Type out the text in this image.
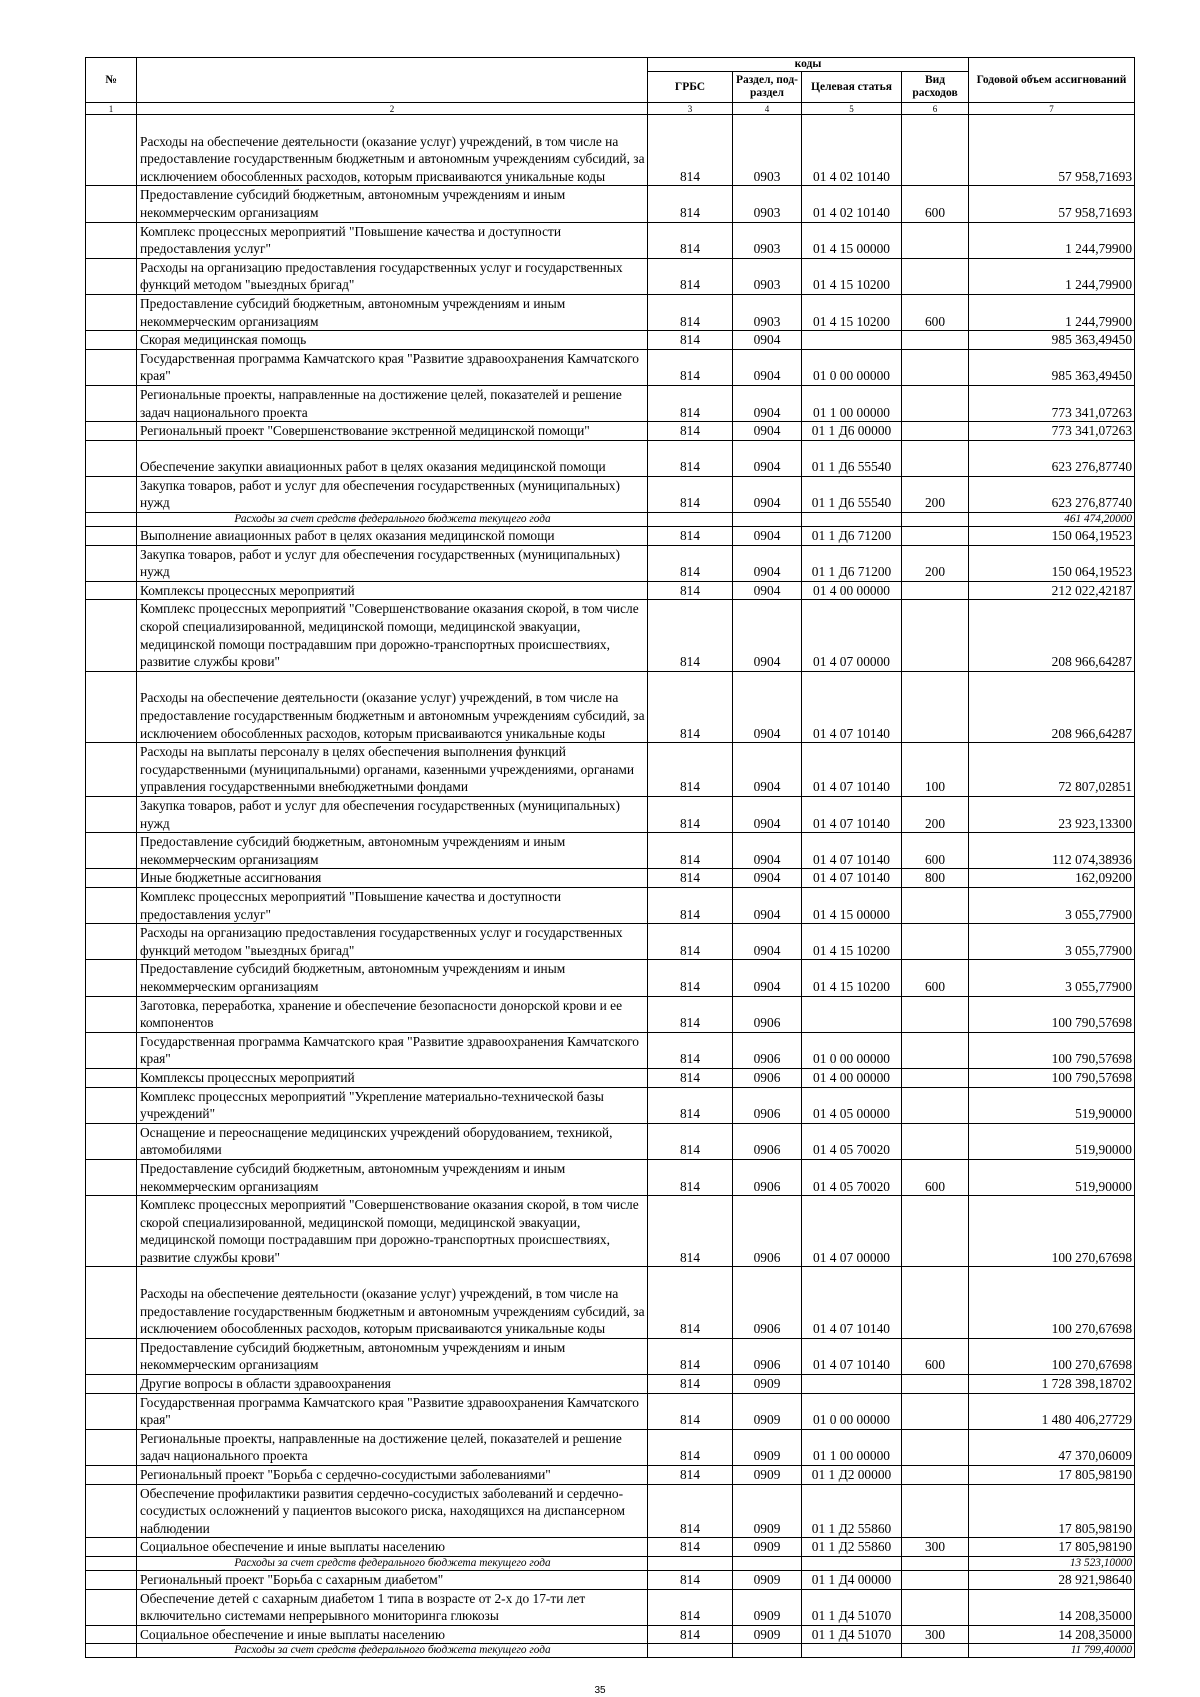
№		коды				Годовой объем ассигнований
		ГРБС	Раздел, под-раздел	Целевая статья	Вид расходов	
1	2	3	4	5	6	7
	Расходы на обеспечение деятельности (оказание услуг) учреждений, в том числе на предоставление государственным бюджетным и автономным учреждениям субсидий, за исключением обособленных расходов, которым присваиваются уникальные коды	814	0903	01 4 02 10140		57 958,71693
	Предоставление субсидий бюджетным, автономным учреждениям и иным некоммерческим организациям	814	0903	01 4 02 10140	600	57 958,71693
	Комплекс процессных мероприятий "Повышение качества и доступности предоставления услуг"	814	0903	01 4 15 00000		1 244,79900
	Расходы на организацию предоставления государственных услуг и государственных функций методом "выездных бригад"	814	0903	01 4 15 10200		1 244,79900
	Предоставление субсидий бюджетным, автономным учреждениям и иным некоммерческим организациям	814	0903	01 4 15 10200	600	1 244,79900
	Скорая медицинская помощь	814	0904			985 363,49450
	Государственная программа Камчатского края "Развитие здравоохранения Камчатского края"	814	0904	01 0 00 00000		985 363,49450
	Региональные проекты, направленные на достижение целей, показателей и решение задач национального проекта	814	0904	01 1 00 00000		773 341,07263
	Региональный проект "Совершенствование экстренной медицинской помощи"	814	0904	01 1 Д6 00000		773 341,07263
	Обеспечение закупки авиационных работ в целях оказания медицинской помощи	814	0904	01 1 Д6 55540		623 276,87740
	Закупка товаров, работ и услуг для обеспечения государственных (муниципальных) нужд	814	0904	01 1 Д6 55540	200	623 276,87740
	Расходы за счет средств федерального бюджета текущего года					461 474,20000
	Выполнение авиационных работ в целях оказания медицинской помощи	814	0904	01 1 Д6 71200		150 064,19523
	Закупка товаров, работ и услуг для обеспечения государственных (муниципальных) нужд	814	0904	01 1 Д6 71200	200	150 064,19523
	Комплексы процессных мероприятий	814	0904	01 4 00 00000		212 022,42187
	Комплекс процессных мероприятий "Совершенствование оказания скорой, в том числе скорой специализированной, медицинской помощи, медицинской эвакуации, медицинской помощи пострадавшим при дорожно-транспортных происшествиях, развитие службы крови"	814	0904	01 4 07 00000		208 966,64287
	Расходы на обеспечение деятельности (оказание услуг) учреждений, в том числе на предоставление государственным бюджетным и автономным учреждениям субсидий, за исключением обособленных расходов, которым присваиваются уникальные коды	814	0904	01 4 07 10140		208 966,64287
	Расходы на выплаты персоналу в целях обеспечения выполнения функций государственными (муниципальными) органами, казенными учреждениями, органами управления государственными внебюджетными фондами	814	0904	01 4 07 10140	100	72 807,02851
	Закупка товаров, работ и услуг для обеспечения государственных (муниципальных) нужд	814	0904	01 4 07 10140	200	23 923,13300
	Предоставление субсидий бюджетным, автономным учреждениям и иным некоммерческим организациям	814	0904	01 4 07 10140	600	112 074,38936
	Иные бюджетные ассигнования	814	0904	01 4 07 10140	800	162,09200
	Комплекс процессных мероприятий "Повышение качества и доступности предоставления услуг"	814	0904	01 4 15 00000		3 055,77900
	Расходы на организацию предоставления государственных услуг и государственных функций методом "выездных бригад"	814	0904	01 4 15 10200		3 055,77900
	Предоставление субсидий бюджетным, автономным учреждениям и иным некоммерческим организациям	814	0904	01 4 15 10200	600	3 055,77900
	Заготовка, переработка, хранение и обеспечение безопасности донорской крови и ее компонентов	814	0906			100 790,57698
	Государственная программа Камчатского края "Развитие здравоохранения Камчатского края"	814	0906	01 0 00 00000		100 790,57698
	Комплексы процессных мероприятий	814	0906	01 4 00 00000		100 790,57698
	Комплекс процессных мероприятий "Укрепление материально-технической базы учреждений"	814	0906	01 4 05 00000		519,90000
	Оснащение и переоснащение медицинских учреждений оборудованием, техникой, автомобилями	814	0906	01 4 05 70020		519,90000
	Предоставление субсидий бюджетным, автономным учреждениям и иным некоммерческим организациям	814	0906	01 4 05 70020	600	519,90000
	Комплекс процессных мероприятий "Совершенствование оказания скорой, в том числе скорой специализированной, медицинской помощи, медицинской эвакуации, медицинской помощи пострадавшим при дорожно-транспортных происшествиях, развитие службы крови"	814	0906	01 4 07 00000		100 270,67698
	Расходы на обеспечение деятельности (оказание услуг) учреждений, в том числе на предоставление государственным бюджетным и автономным учреждениям субсидий, за исключением обособленных расходов, которым присваиваются уникальные коды	814	0906	01 4 07 10140		100 270,67698
	Предоставление субсидий бюджетным, автономным учреждениям и иным некоммерческим организациям	814	0906	01 4 07 10140	600	100 270,67698
	Другие вопросы в области здравоохранения	814	0909			1 728 398,18702
	Государственная программа Камчатского края "Развитие здравоохранения Камчатского края"	814	0909	01 0 00 00000		1 480 406,27729
	Региональные проекты, направленные на достижение целей, показателей и решение задач национального проекта	814	0909	01 1 00 00000		47 370,06009
	Региональный проект "Борьба с сердечно-сосудистыми заболеваниями"	814	0909	01 1 Д2 00000		17 805,98190
	Обеспечение профилактики развития сердечно-сосудистых заболеваний и сердечно-сосудистых осложнений у пациентов высокого риска, находящихся на диспансерном наблюдении	814	0909	01 1 Д2 55860		17 805,98190
	Социальное обеспечение и иные выплаты населению	814	0909	01 1 Д2 55860	300	17 805,98190
	Расходы за счет средств федерального бюджета текущего года					13 523,10000
	Региональный проект "Борьба с сахарным диабетом"	814	0909	01 1 Д4 00000		28 921,98640
	Обеспечение детей с сахарным диабетом 1 типа в возрасте от 2-х до 17-ти лет включительно системами непрерывного мониторинга глюкозы	814	0909	01 1 Д4 51070		14 208,35000
	Социальное обеспечение и иные выплаты населению	814	0909	01 1 Д4 51070	300	14 208,35000
	Расходы за счет средств федерального бюджета текущего года					11 799,40000
35
